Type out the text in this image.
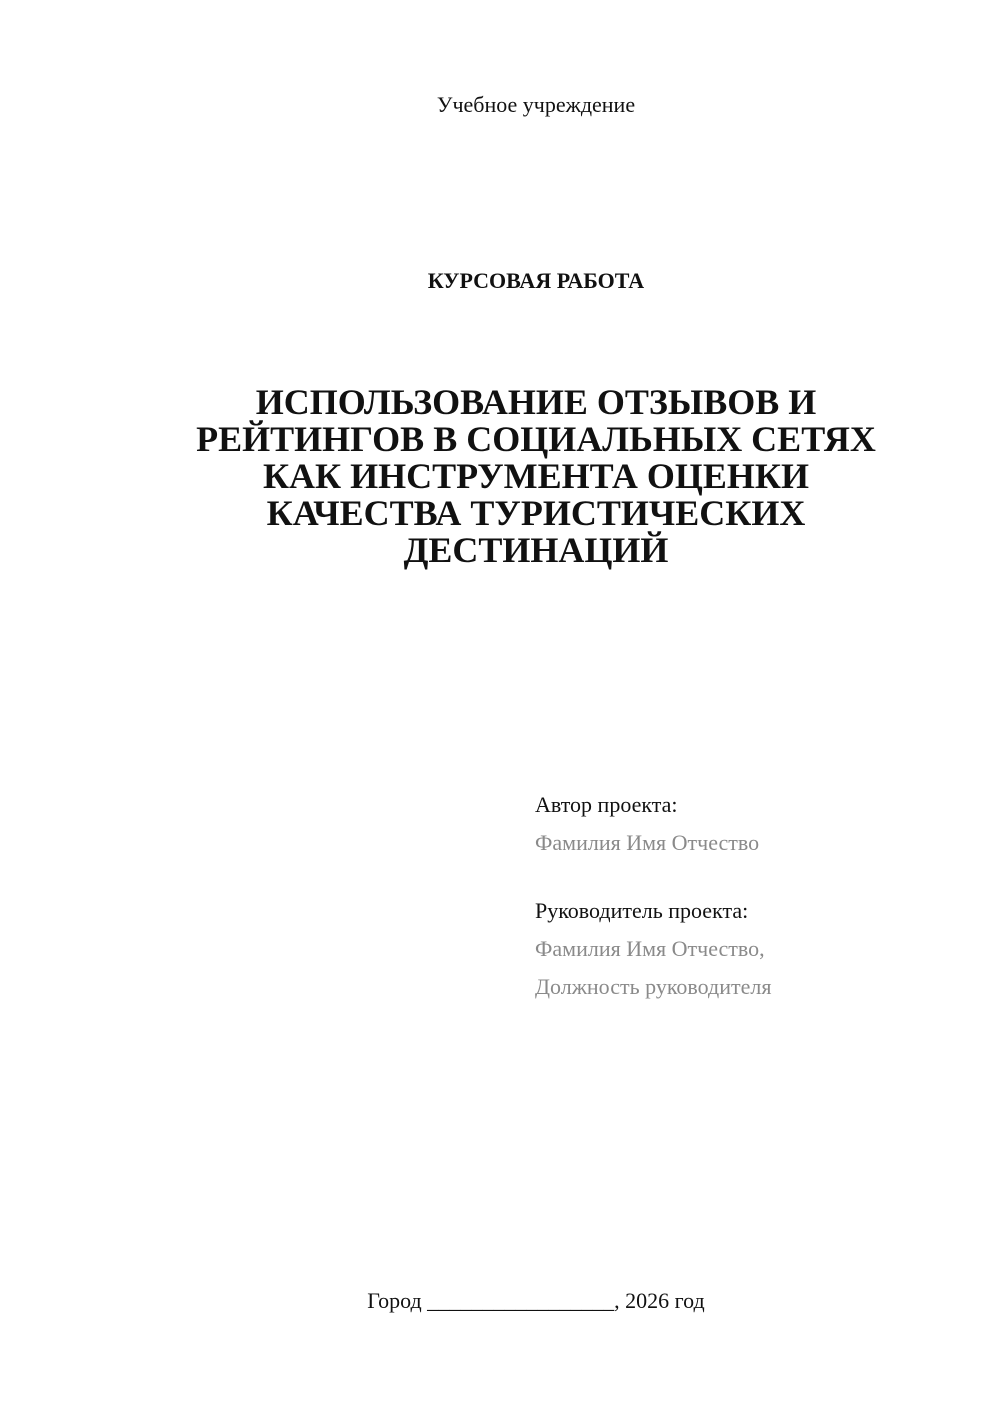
Учебное учреждение
КУРСОВАЯ РАБОТА
ИСПОЛЬЗОВАНИЕ ОТЗЫВОВ И
РЕЙТИНГОВ В СОЦИАЛЬНЫХ СЕТЯХ
КАК ИНСТРУМЕНТА ОЦЕНКИ
КАЧЕСТВА ТУРИСТИЧЕСКИХ
ДЕСТИНАЦИЙ
Автор проекта:
Фамилия Имя Отчество
Руководитель проекта:
Фамилия Имя Отчество,
Должность руководителя
Город _________________, 2026 год
